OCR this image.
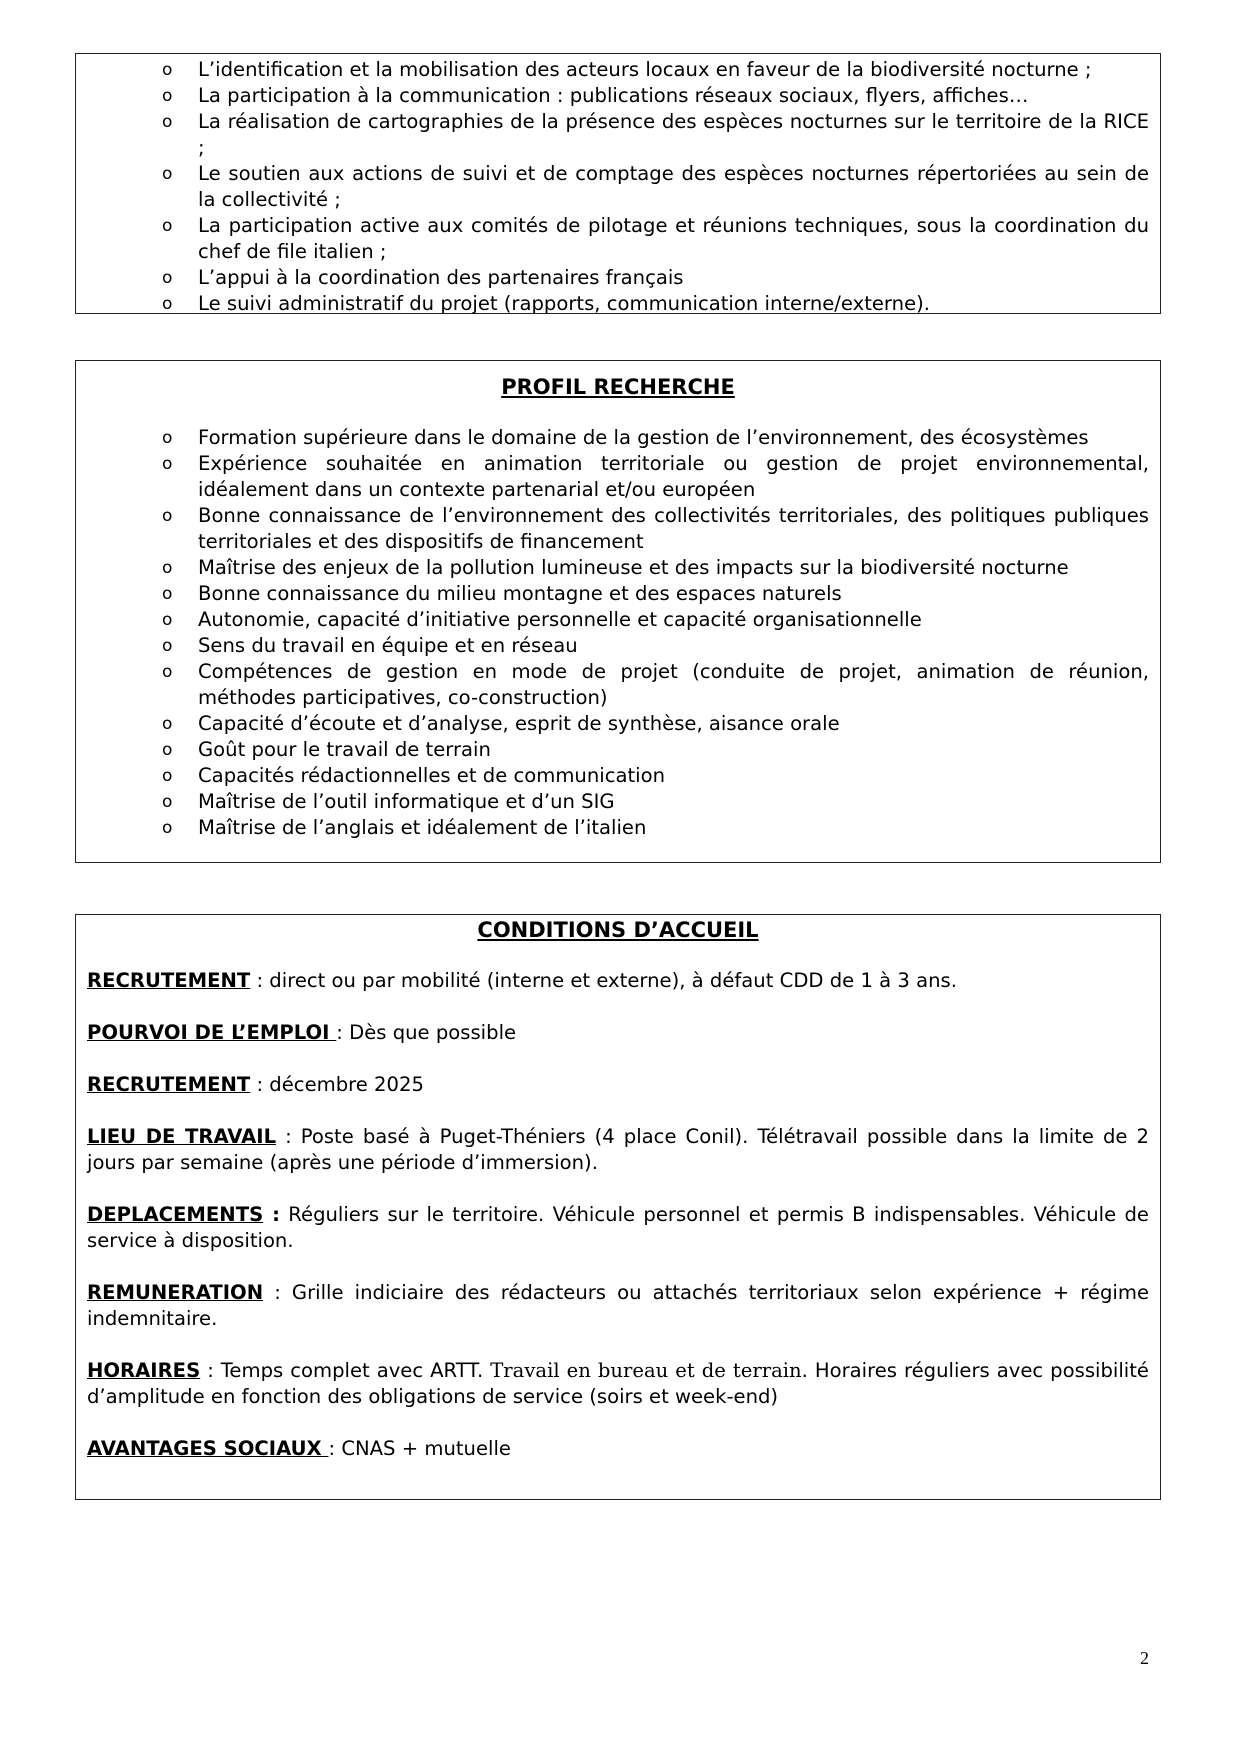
o L’identification et la mobilisation des acteurs locaux en faveur de la biodiversité nocturne ;
o La participation à la communication : publications réseaux sociaux, flyers, affiches…
o La réalisation de cartographies de la présence des espèces nocturnes sur le territoire de la RICE ;
o Le soutien aux actions de suivi et de comptage des espèces nocturnes répertoriées au sein de la collectivité ;
o La participation active aux comités de pilotage et réunions techniques, sous la coordination du chef de file italien ;
o L’appui à la coordination des partenaires français
o Le suivi administratif du projet (rapports, communication interne/externe).
PROFIL RECHERCHE
o Formation supérieure dans le domaine de la gestion de l’environnement, des écosystèmes
o Expérience souhaitée en animation territoriale ou gestion de projet environnemental, idéalement dans un contexte partenarial et/ou européen
o Bonne connaissance de l’environnement des collectivités territoriales, des politiques publiques territoriales et des dispositifs de financement
o Maîtrise des enjeux de la pollution lumineuse et des impacts sur la biodiversité nocturne
o Bonne connaissance du milieu montagne et des espaces naturels
o Autonomie, capacité d’initiative personnelle et capacité organisationnelle
o Sens du travail en équipe et en réseau
o Compétences de gestion en mode de projet (conduite de projet, animation de réunion, méthodes participatives, co-construction)
o Capacité d’écoute et d’analyse, esprit de synthèse, aisance orale
o Goût pour le travail de terrain
o Capacités rédactionnelles et de communication
o Maîtrise de l’outil informatique et d’un SIG
o Maîtrise de l’anglais et idéalement de l’italien
CONDITIONS D’ACCUEIL

RECRUTEMENT : direct ou par mobilité (interne et externe), à défaut CDD de 1 à 3 ans.

POURVOI DE L’EMPLOI : Dès que possible

RECRUTEMENT : décembre 2025

LIEU DE TRAVAIL : Poste basé à Puget-Théniers (4 place Conil). Télétravail possible dans la limite de 2 jours par semaine (après une période d’immersion).

DEPLACEMENTS : Réguliers sur le territoire. Véhicule personnel et permis B indispensables. Véhicule de service à disposition.

REMUNERATION : Grille indiciaire des rédacteurs ou attachés territoriaux selon expérience + régime indemnitaire.

HORAIRES : Temps complet avec ARTT. Travail en bureau et de terrain. Horaires réguliers avec possibilité d’amplitude en fonction des obligations de service (soirs et week-end)

AVANTAGES SOCIAUX : CNAS + mutuelle

2
